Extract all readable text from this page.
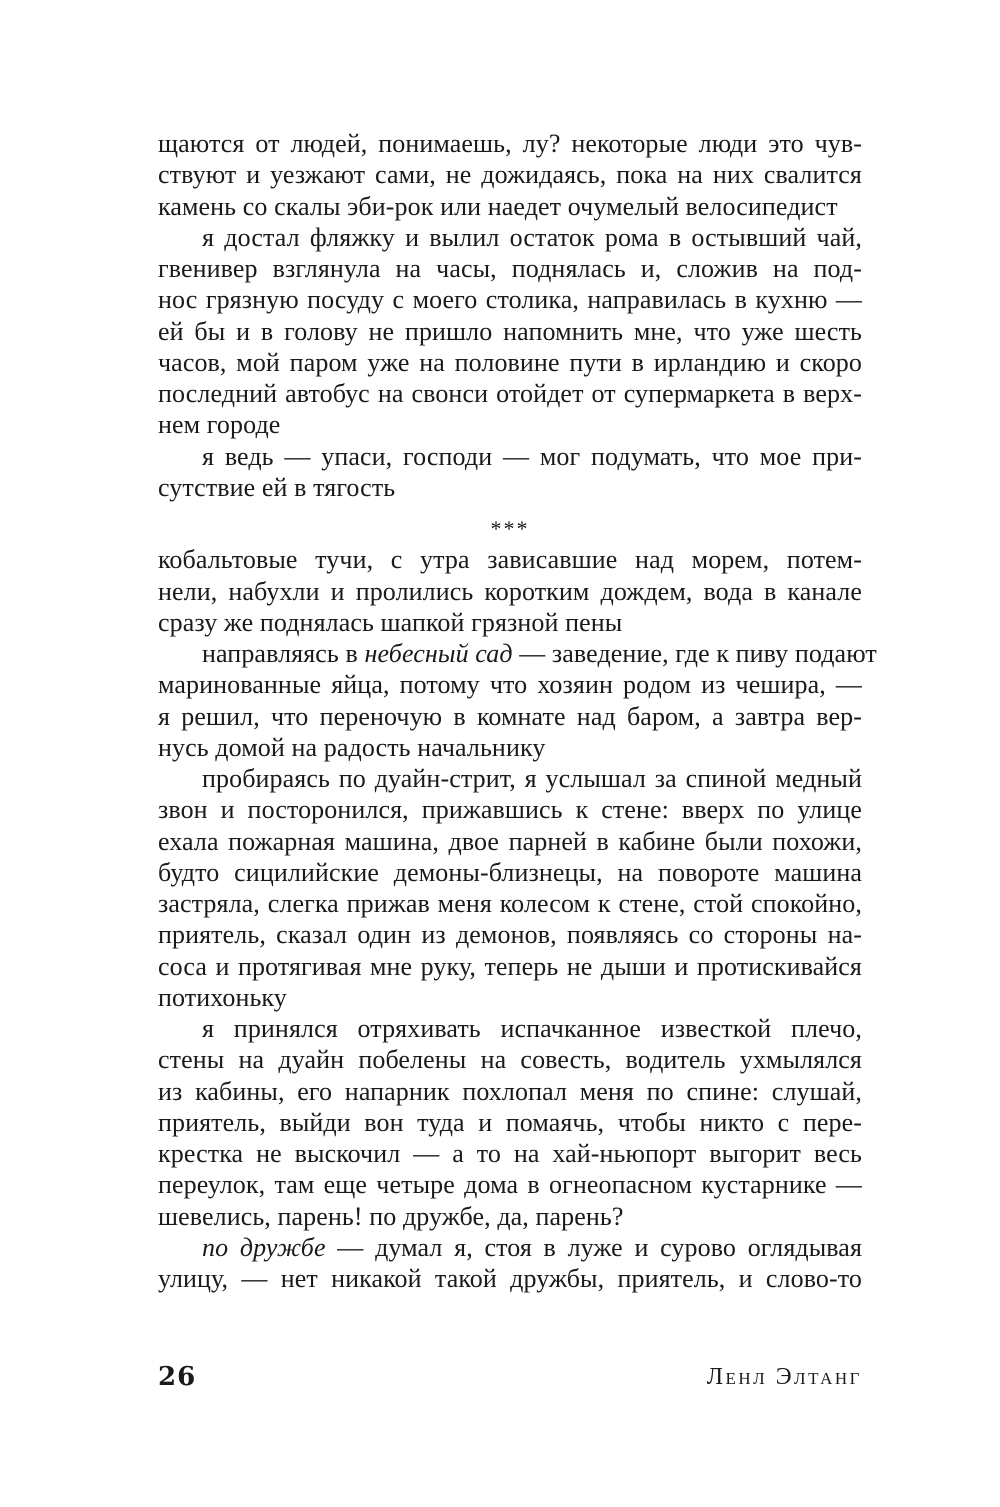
щаются от людей, понимаешь, лу? некоторые люди это чув-
ствуют и уезжают сами, не дожидаясь, пока на них свалится
камень со скалы эби-рок или наедет очумелый велосипедист
я достал фляжку и вылил остаток рома в остывший чай,
гвенивер взглянула на часы, поднялась и, сложив на под-
нос грязную посуду с моего столика, направилась в кухню —
ей бы и в голову не пришло напомнить мне, что уже шесть
часов, мой паром уже на половине пути в ирландию и скоро
последний автобус на свонси отойдет от супермаркета в верх-
нем городе
я ведь — упаси, господи — мог подумать, что мое при-
сутствие ей в тягость
***
кобальтовые тучи, с утра зависавшие над морем, потем-
нели, набухли и пролились коротким дождем, вода в канале
сразу же поднялась шапкой грязной пены
направляясь в небесный сад — заведение, где к пиву подают
маринованные яйца, потому что хозяин родом из чешира, —
я решил, что переночую в комнате над баром, а завтра вер-
нусь домой на радость начальнику
пробираясь по дуайн-стрит, я услышал за спиной медный
звон и посторонился, прижавшись к стене: вверх по улице
ехала пожарная машина, двое парней в кабине были похожи,
будто сицилийские демоны-близнецы, на повороте машина
застряла, слегка прижав меня колесом к стене, стой спокойно,
приятель, сказал один из демонов, появляясь со стороны на-
соса и протягивая мне руку, теперь не дыши и протискивайся
потихоньку
я принялся отряхивать испачканное известкой плечо,
стены на дуайн побелены на совесть, водитель ухмылялся
из кабины, его напарник похлопал меня по спине: слушай,
приятель, выйди вон туда и помаячь, чтобы никто с пере-
крестка не выскочил — а то на хай-ньюпорт выгорит весь
переулок, там еще четыре дома в огнеопасном кустарнике —
шевелись, парень! по дружбе, да, парень?
по дружбе — думал я, стоя в луже и сурово оглядывая
улицу, — нет никакой такой дружбы, приятель, и слово-то
26	Ленл Элтанг
